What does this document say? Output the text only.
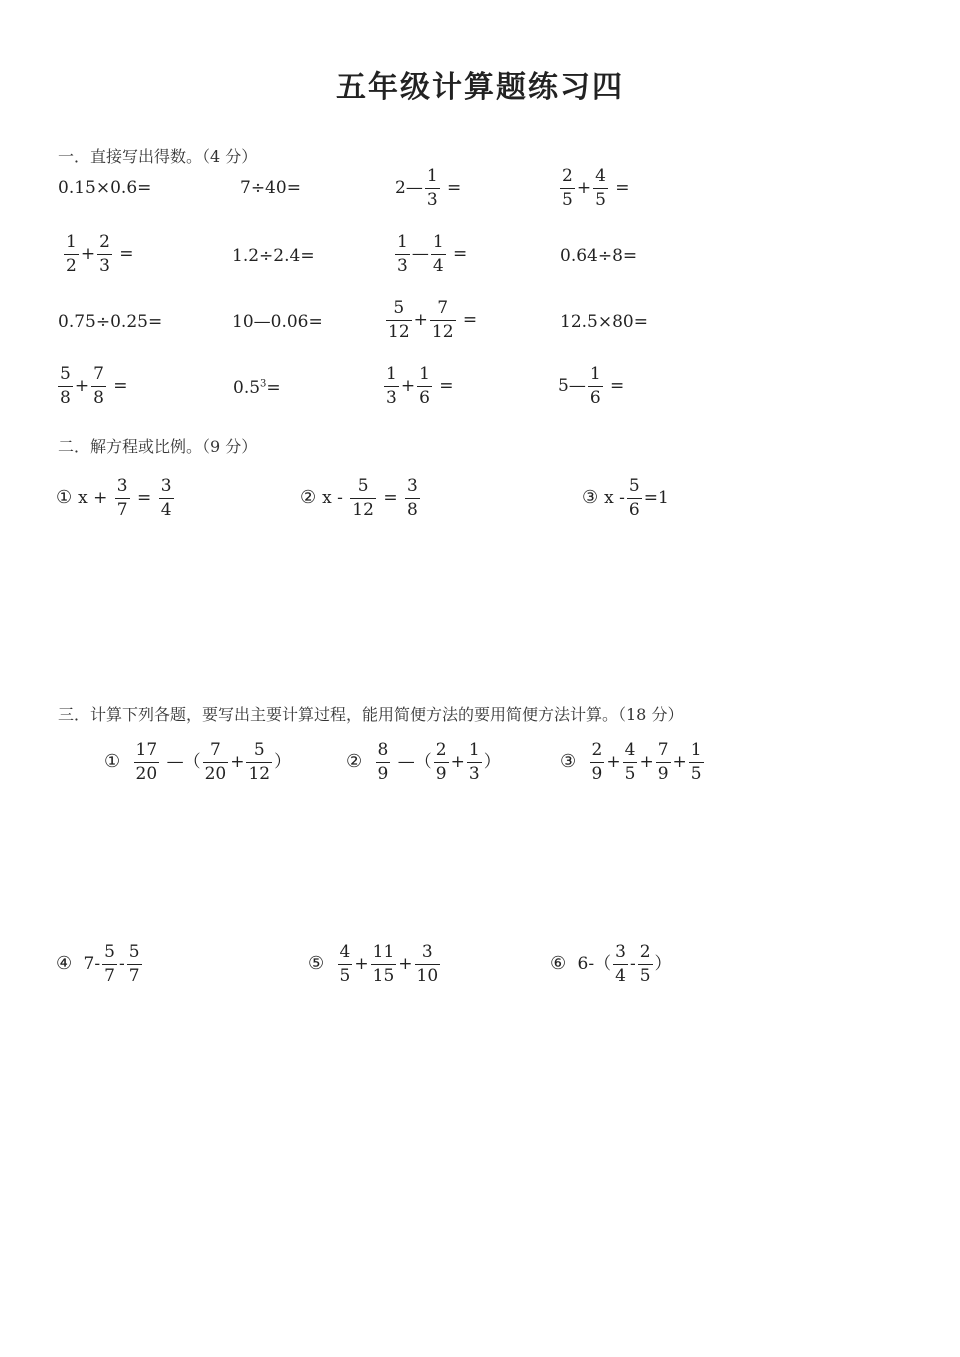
五年级计算题练习四
一．直接写出得数。（4 分）
0.15×0.6=	7÷40=	2— $\frac{1}{3}$ =	$\frac{2}{5} + \frac{4}{5}$ =
$\frac{1}{2} + \frac{2}{3}$ =	1.2÷2.4=	$\frac{1}{3}$ — $\frac{1}{4}$ =	0.64÷8=
0.75÷0.25=	10—0.06=	$\frac{5}{12} + \frac{7}{12}$ =	12.5×80=
$\frac{5}{8} + \frac{7}{8}$ =	$0.5^3=$	$\frac{1}{3} + \frac{1}{6}$ =	5— $\frac{1}{6}$ =
二．解方程或比例。（9 分）
① $x + \frac{3}{7} = \frac{3}{4}$	② $x - \frac{5}{12} = \frac{3}{8}$	③ $x - \frac{5}{6} =1$
三．计算下列各题，要写出主要计算过程，能用简便方法的要用简便方法计算。（18 分）
① $\frac{17}{20}$ —（ $\frac{7}{20} + \frac{5}{12}$ ）	② $\frac{8}{9}$ —（ $\frac{2}{9} + \frac{1}{3}$ ）	③ $\frac{2}{9} + \frac{4}{5} + \frac{7}{9} + \frac{1}{5}$
④ $7- \frac{5}{7} - \frac{5}{7}$	⑤ $\frac{4}{5} + \frac{11}{15} + \frac{3}{10}$	⑥ $6-( \frac{3}{4} - \frac{2}{5}$ ）
